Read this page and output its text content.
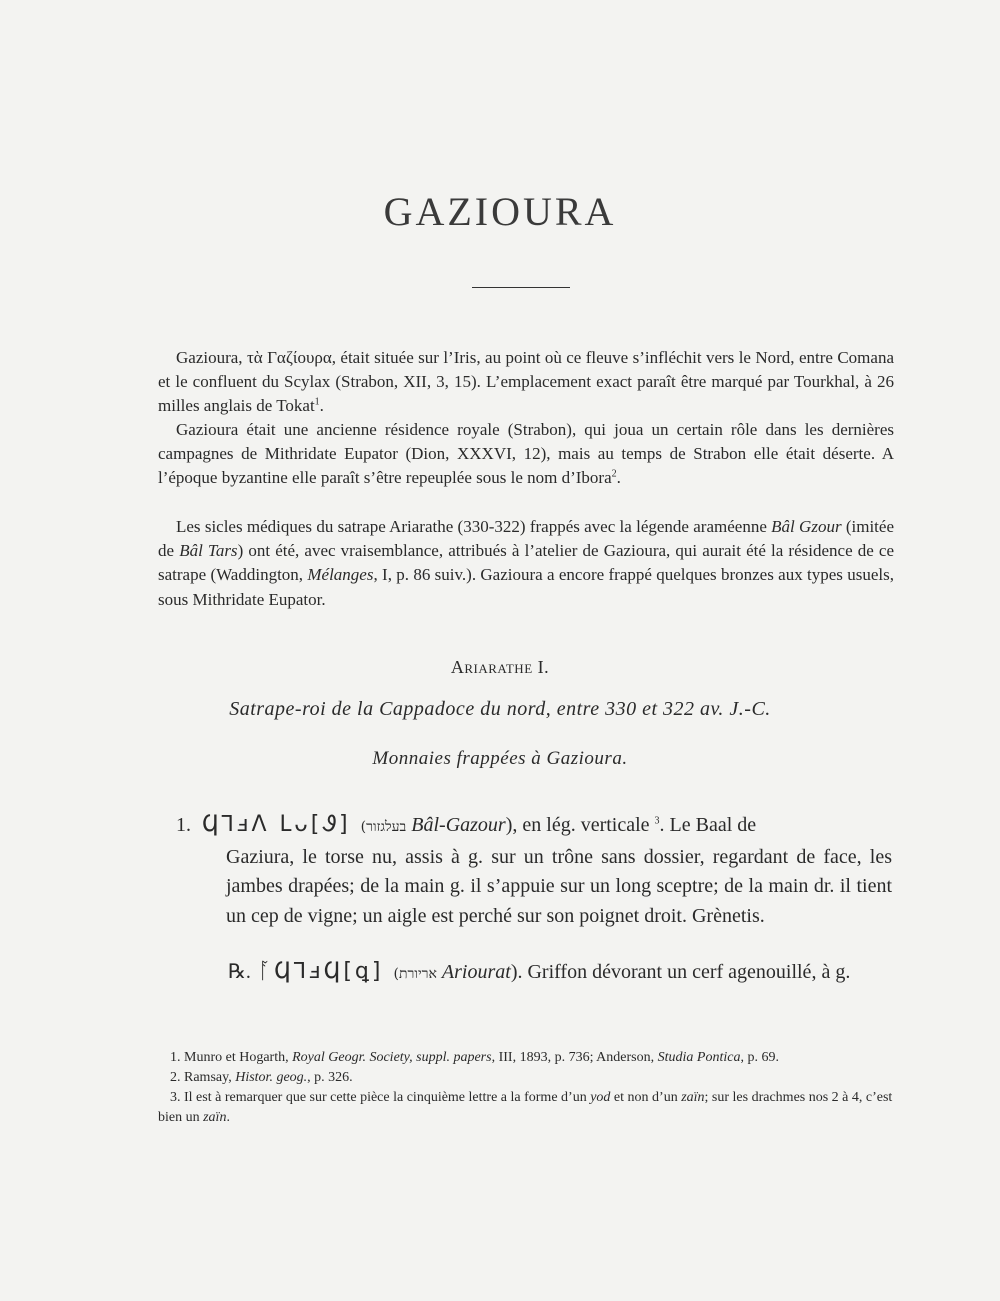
GAZIOURA

Gazioura, τὰ Γαζίουρα, était située sur l’Iris, au point où ce fleuve s’infléchit vers le Nord, entre Comana et le confluent du Scylax (Strabon, XII, 3, 15). L’emplacement exact paraît être marqué par Tourkhal, à 26 milles anglais de Tokat$^1$.

Gazioura était une ancienne résidence royale (Strabon), qui joua un certain rôle dans les dernières campagnes de Mithridate Eupator (Dion, XXXVI, 12), mais au temps de Strabon elle était déserte. A l’époque byzantine elle paraît s’être repeuplée sous le nom d’Ibora$^2$.

Les sicles médiques du satrape Ariarathe (330-322) frappés avec la légende araméenne Bâl Gzour (imitée de Bâl Tars) ont été, avec vraisemblance, attribués à l’atelier de Gazioura, qui aurait été la résidence de ce satrape (Waddington, Mélanges, I, p. 86 suiv.). Gazioura a encore frappé quelques bronzes aux types usuels, sous Mithridate Eupator.

Ariarathe I.
Satrape-roi de la Cappadoce du nord, entre 330 et 322 av. J.-C.
Monnaies frappées à Gazioura.
1. ϤꓶⅎɅ Լᴗ[Ꮽ] (בעלגזור Bâl-Gazour), en lég. verticale $^3$. Le Baal de
Gaziura, le torse nu, assis à g. sur un trône sans dossier, regardant de face, les jambes drapées; de la main g. il s’appuie sur un long sceptre; de la main dr. il tient un cep de vigne; un aigle est perché sur son poignet droit. Grènetis.
℞. ᚪϤꓶⅎϤ[ꝗ] (אריורת Ariourat). Griffon dévorant un cerf agenouillé, à g.

1. Munro et Hogarth, Royal Geogr. Society, suppl. papers, III, 1893, p. 736; Anderson, Studia Pontica, p. 69.

2. Ramsay, Histor. geog., p. 326.

3. Il est à remarquer que sur cette pièce la cinquième lettre a la forme d’un yod et non d’un zaïn; sur les drachmes nos 2 à 4, c’est bien un zaïn.
